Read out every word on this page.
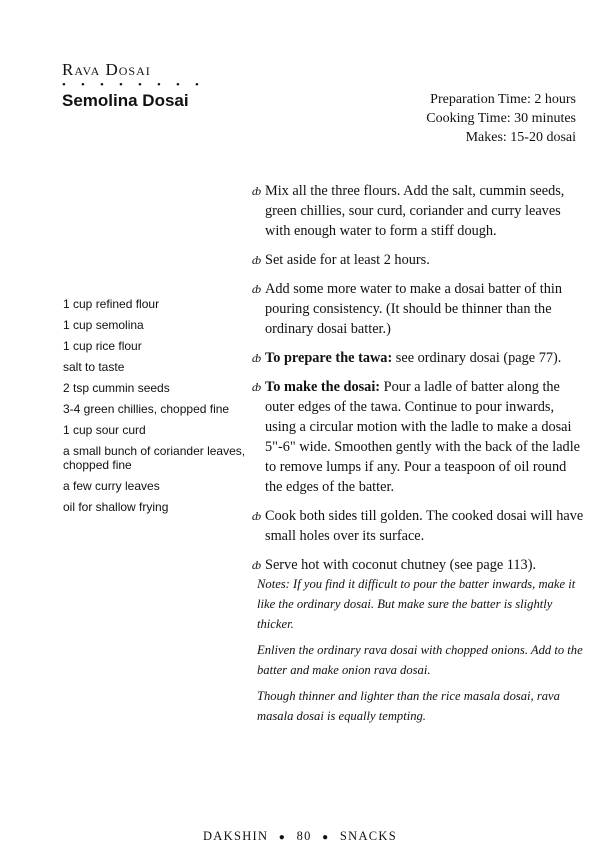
Rava Dosai
• • • • • • • •
Semolina Dosai	Preparation Time: 2 hours
Cooking Time: 30 minutes
Makes: 15-20 dosai
1 cup refined flour
1 cup semolina
1 cup rice flour
salt to taste
2 tsp cummin seeds
3-4 green chillies, chopped fine
1 cup sour curd
a small bunch of coriander leaves, chopped fine
a few curry leaves
oil for shallow frying
ȸ Mix all the three flours. Add the salt, cummin seeds, green chillies, sour curd, coriander and curry leaves with enough water to form a stiff dough.
ȸ Set aside for at least 2 hours.
ȸ Add some more water to make a dosai batter of thin pouring consistency. (It should be thinner than the ordinary dosai batter.)
ȸ To prepare the tawa: see ordinary dosai (page 77).
ȸ To make the dosai: Pour a ladle of batter along the outer edges of the tawa. Continue to pour inwards, using a circular motion with the ladle to make a dosai 5"-6" wide. Smoothen gently with the back of the ladle to remove lumps if any. Pour a teaspoon of oil round the edges of the batter.
ȸ Cook both sides till golden. The cooked dosai will have small holes over its surface.
ȸ Serve hot with coconut chutney (see page 113).

Notes: If you find it difficult to pour the batter inwards, make it like the ordinary dosai. But make sure the batter is slightly thicker.

Enliven the ordinary rava dosai with chopped onions. Add to the batter and make onion rava dosai.

Though thinner and lighter than the rice masala dosai, rava masala dosai is equally tempting.

DAKSHIN ● 80 ● SNACKS
